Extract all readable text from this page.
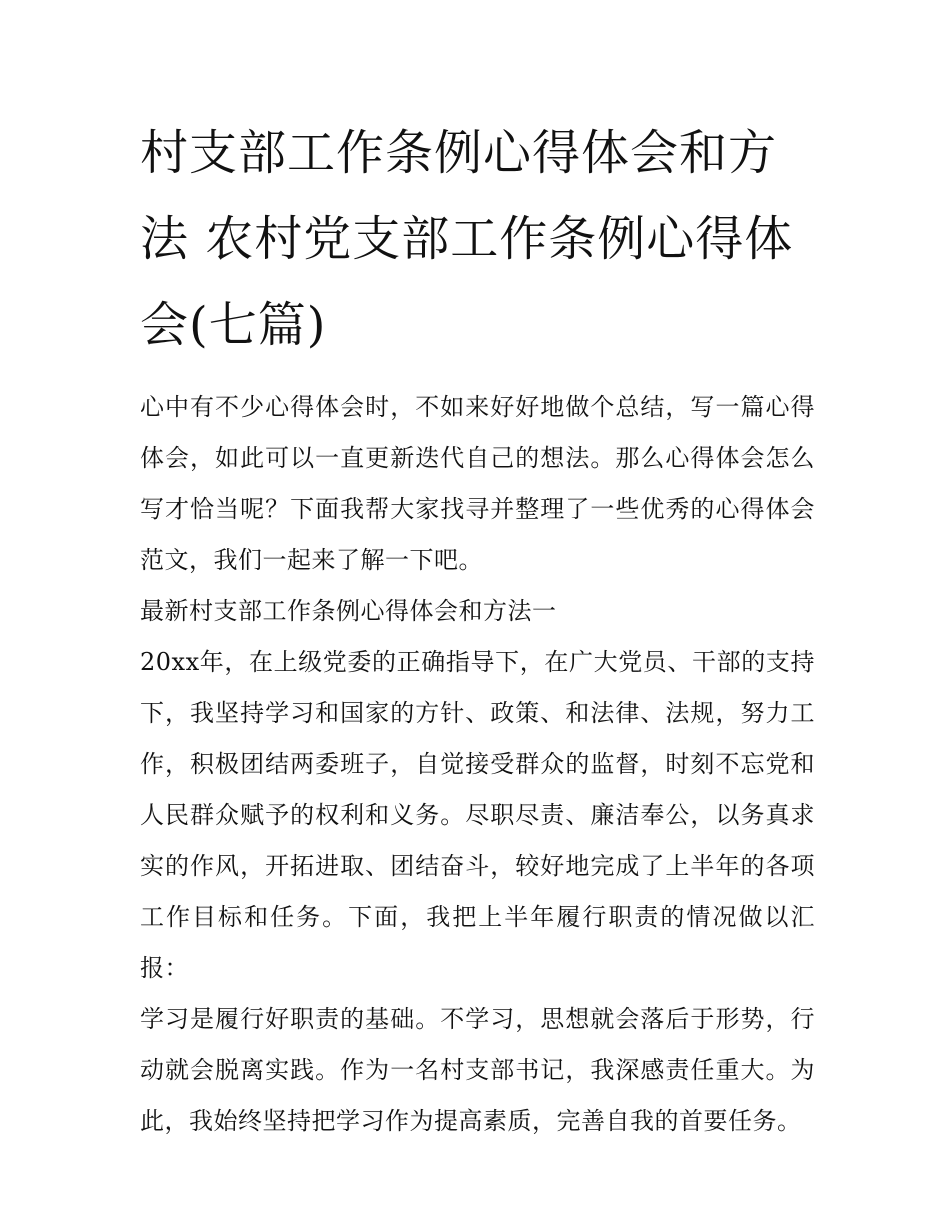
村支部工作条例心得体会和方法 农村党支部工作条例心得体会(七篇)

心中有不少心得体会时，不如来好好地做个总结，写一篇心得体会，如此可以一直更新迭代自己的想法。那么心得体会怎么写才恰当呢？下面我帮大家找寻并整理了一些优秀的心得体会范文，我们一起来了解一下吧。

最新村支部工作条例心得体会和方法一

20xx年，在上级党委的正确指导下，在广大党员、干部的支持下，我坚持学习和国家的方针、政策、和法律、法规，努力工作，积极团结两委班子，自觉接受群众的监督，时刻不忘党和人民群众赋予的权利和义务。尽职尽责、廉洁奉公，以务真求实的作风，开拓进取、团结奋斗，较好地完成了上半年的各项工作目标和任务。下面，我把上半年履行职责的情况做以汇报：

学习是履行好职责的基础。不学习，思想就会落后于形势，行动就会脱离实践。作为一名村支部书记，我深感责任重大。为此，我始终坚持把学习作为提高素质，完善自我的首要任务。
